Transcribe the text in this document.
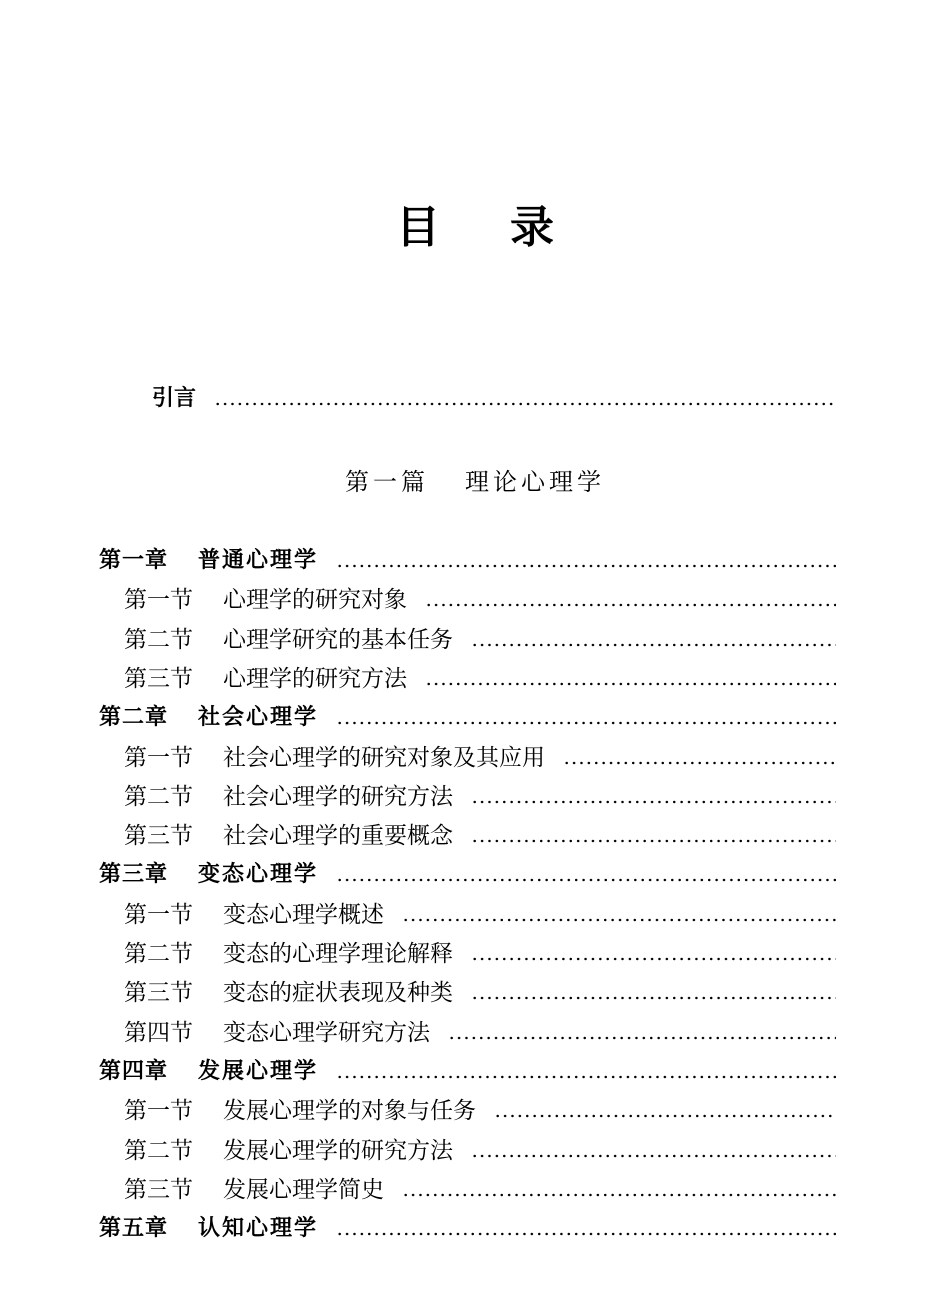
目录
引言
第一篇 理论心理学
第一章 普通心理学
第一节 心理学的研究对象
第二节 心理学研究的基本任务
第三节 心理学的研究方法
第二章 社会心理学
第一节 社会心理学的研究对象及其应用
第二节 社会心理学的研究方法
第三节 社会心理学的重要概念
第三章 变态心理学
第一节 变态心理学概述
第二节 变态的心理学理论解释
第三节 变态的症状表现及种类
第四节 变态心理学研究方法
第四章 发展心理学
第一节 发展心理学的对象与任务
第二节 发展心理学的研究方法
第三节 发展心理学简史
第五章 认知心理学
